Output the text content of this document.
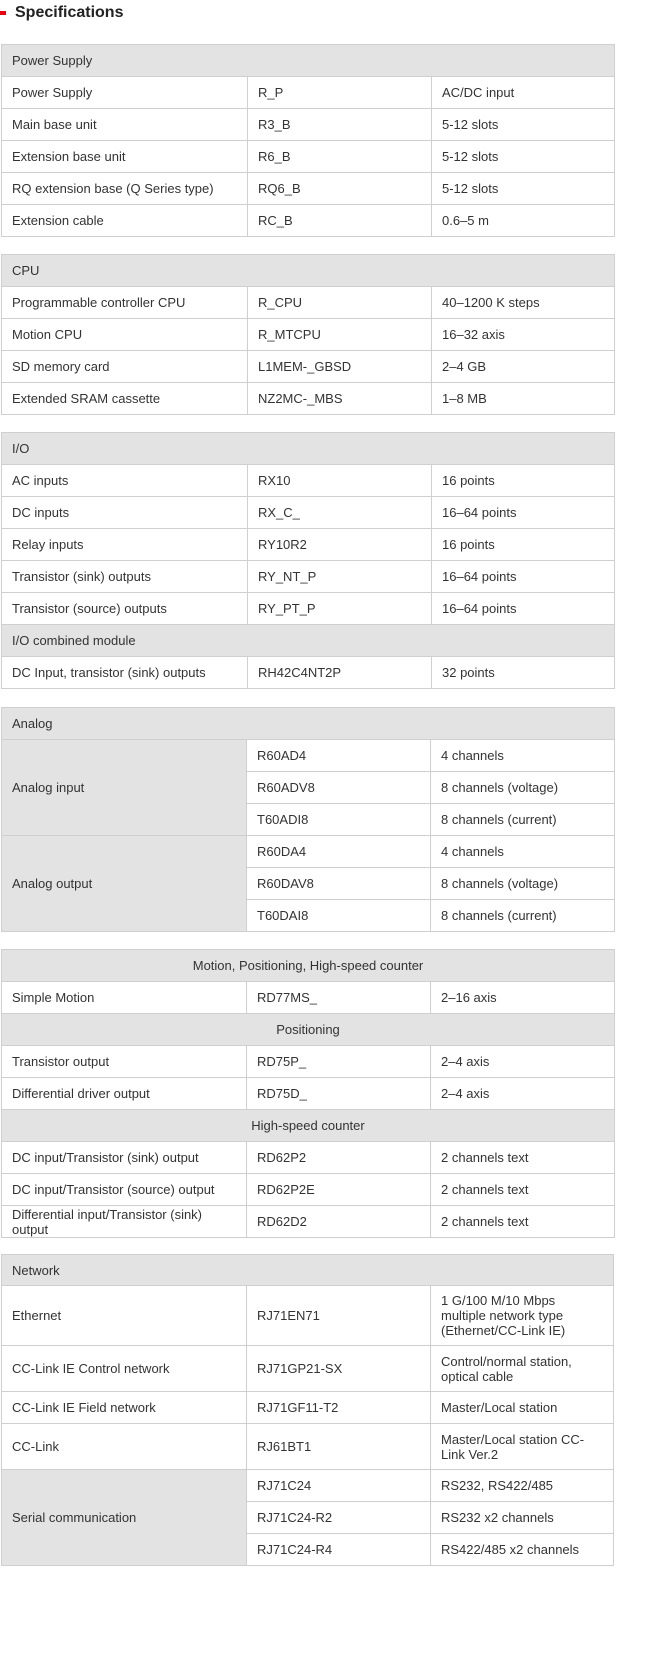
Specifications
Power Supply		
Power Supply	R_P	AC/DC input
Main base unit	R3_B	5-12 slots
Extension base unit	R6_B	5-12 slots
RQ extension base (Q Series type)	RQ6_B	5-12 slots
Extension cable	RC_B	0.6–5 m
CPU		
Programmable controller CPU	R_CPU	40–1200 K steps
Motion CPU	R_MTCPU	16–32 axis
SD memory card	L1MEM-_GBSD	2–4 GB
Extended SRAM cassette	NZ2MC-_MBS	1–8 MB
I/O		
AC inputs	RX10	16 points
DC inputs	RX_C_	16–64 points
Relay inputs	RY10R2	16 points
Transistor (sink) outputs	RY_NT_P	16–64 points
Transistor (source) outputs	RY_PT_P	16–64 points
I/O combined module		
DC Input, transistor (sink) outputs	RH42C4NT2P	32 points
Analog		
Analog input	R60AD4	4 channels
	R60ADV8	8 channels (voltage)
	T60ADI8	8 channels (current)
Analog output	R60DA4	4 channels
	R60DAV8	8 channels (voltage)
	T60DAI8	8 channels (current)
Motion, Positioning, High-speed counter		
Simple Motion	RD77MS_	2–16 axis
Positioning		
Transistor output	RD75P_	2–4 axis
Differential driver output	RD75D_	2–4 axis
High-speed counter		
DC input/Transistor (sink) output	RD62P2	2 channels text
DC input/Transistor (source) output	RD62P2E	2 channels text
Differential input/Transistor (sink) output	RD62D2	2 channels text
Network		
Ethernet	RJ71EN71	1 G/100 M/10 Mbps multiple network type (Ethernet/CC-Link IE)
CC-Link IE Control network	RJ71GP21-SX	Control/normal station, optical cable
CC-Link IE Field network	RJ71GF11-T2	Master/Local station
CC-Link	RJ61BT1	Master/Local station CC-Link Ver.2
Serial communication	RJ71C24	RS232, RS422/485
	RJ71C24-R2	RS232 x2 channels
	RJ71C24-R4	RS422/485 x2 channels
